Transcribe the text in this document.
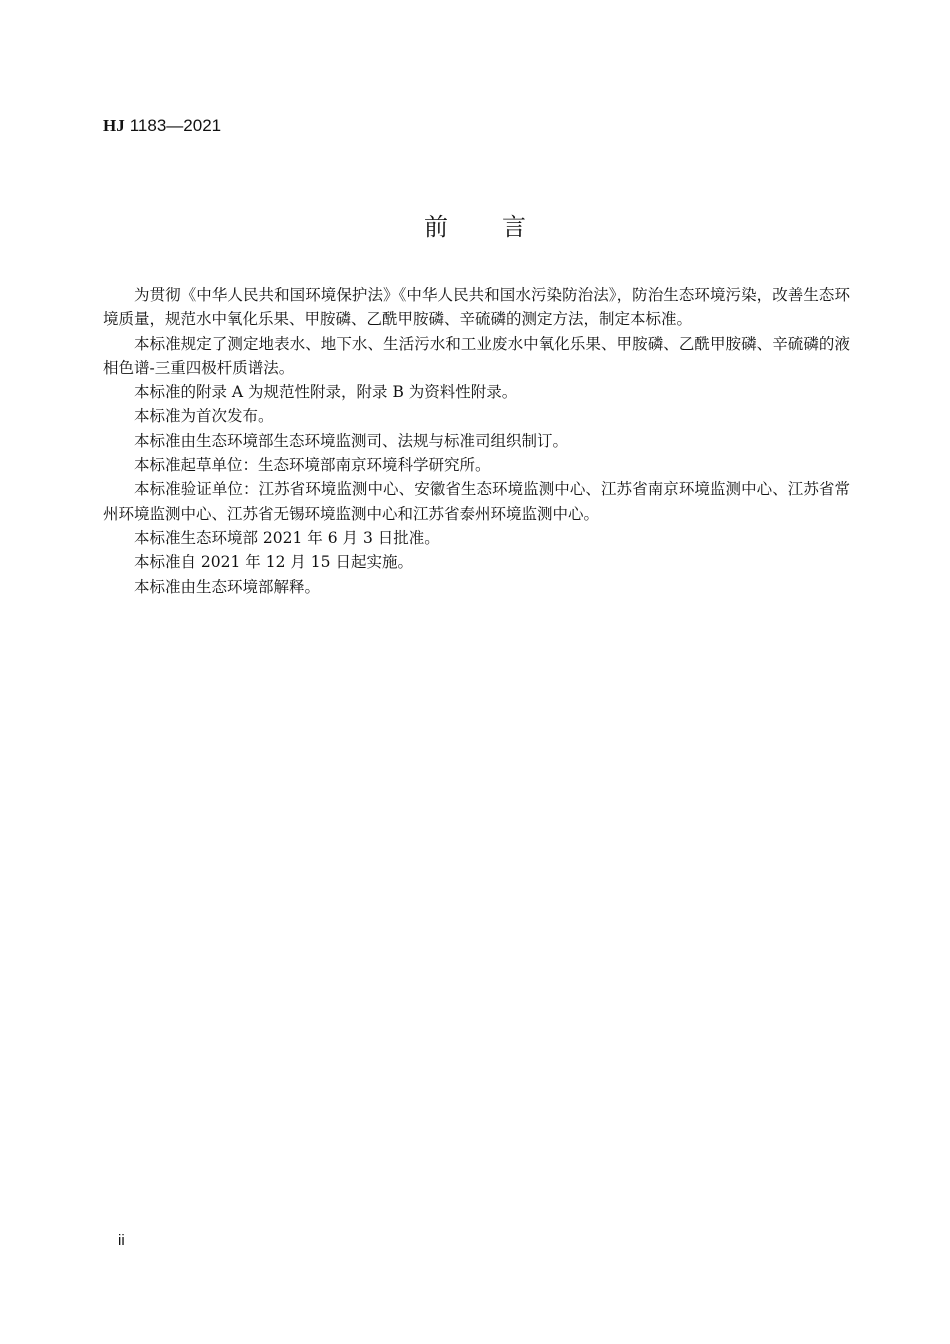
HJ 1183—2021
前 言

为贯彻《中华人民共和国环境保护法》《中华人民共和国水污染防治法》，防治生态环境污染，改善生态环境质量，规范水中氧化乐果、甲胺磷、乙酰甲胺磷、辛硫磷的测定方法，制定本标准。

本标准规定了测定地表水、地下水、生活污水和工业废水中氧化乐果、甲胺磷、乙酰甲胺磷、辛硫磷的液相色谱-三重四极杆质谱法。

本标准的附录 A 为规范性附录，附录 B 为资料性附录。

本标准为首次发布。

本标准由生态环境部生态环境监测司、法规与标准司组织制订。

本标准起草单位：生态环境部南京环境科学研究所。

本标准验证单位：江苏省环境监测中心、安徽省生态环境监测中心、江苏省南京环境监测中心、江苏省常州环境监测中心、江苏省无锡环境监测中心和江苏省泰州环境监测中心。

本标准生态环境部 2021 年 6 月 3 日批准。

本标准自 2021 年 12 月 15 日起实施。

本标准由生态环境部解释。

ii
